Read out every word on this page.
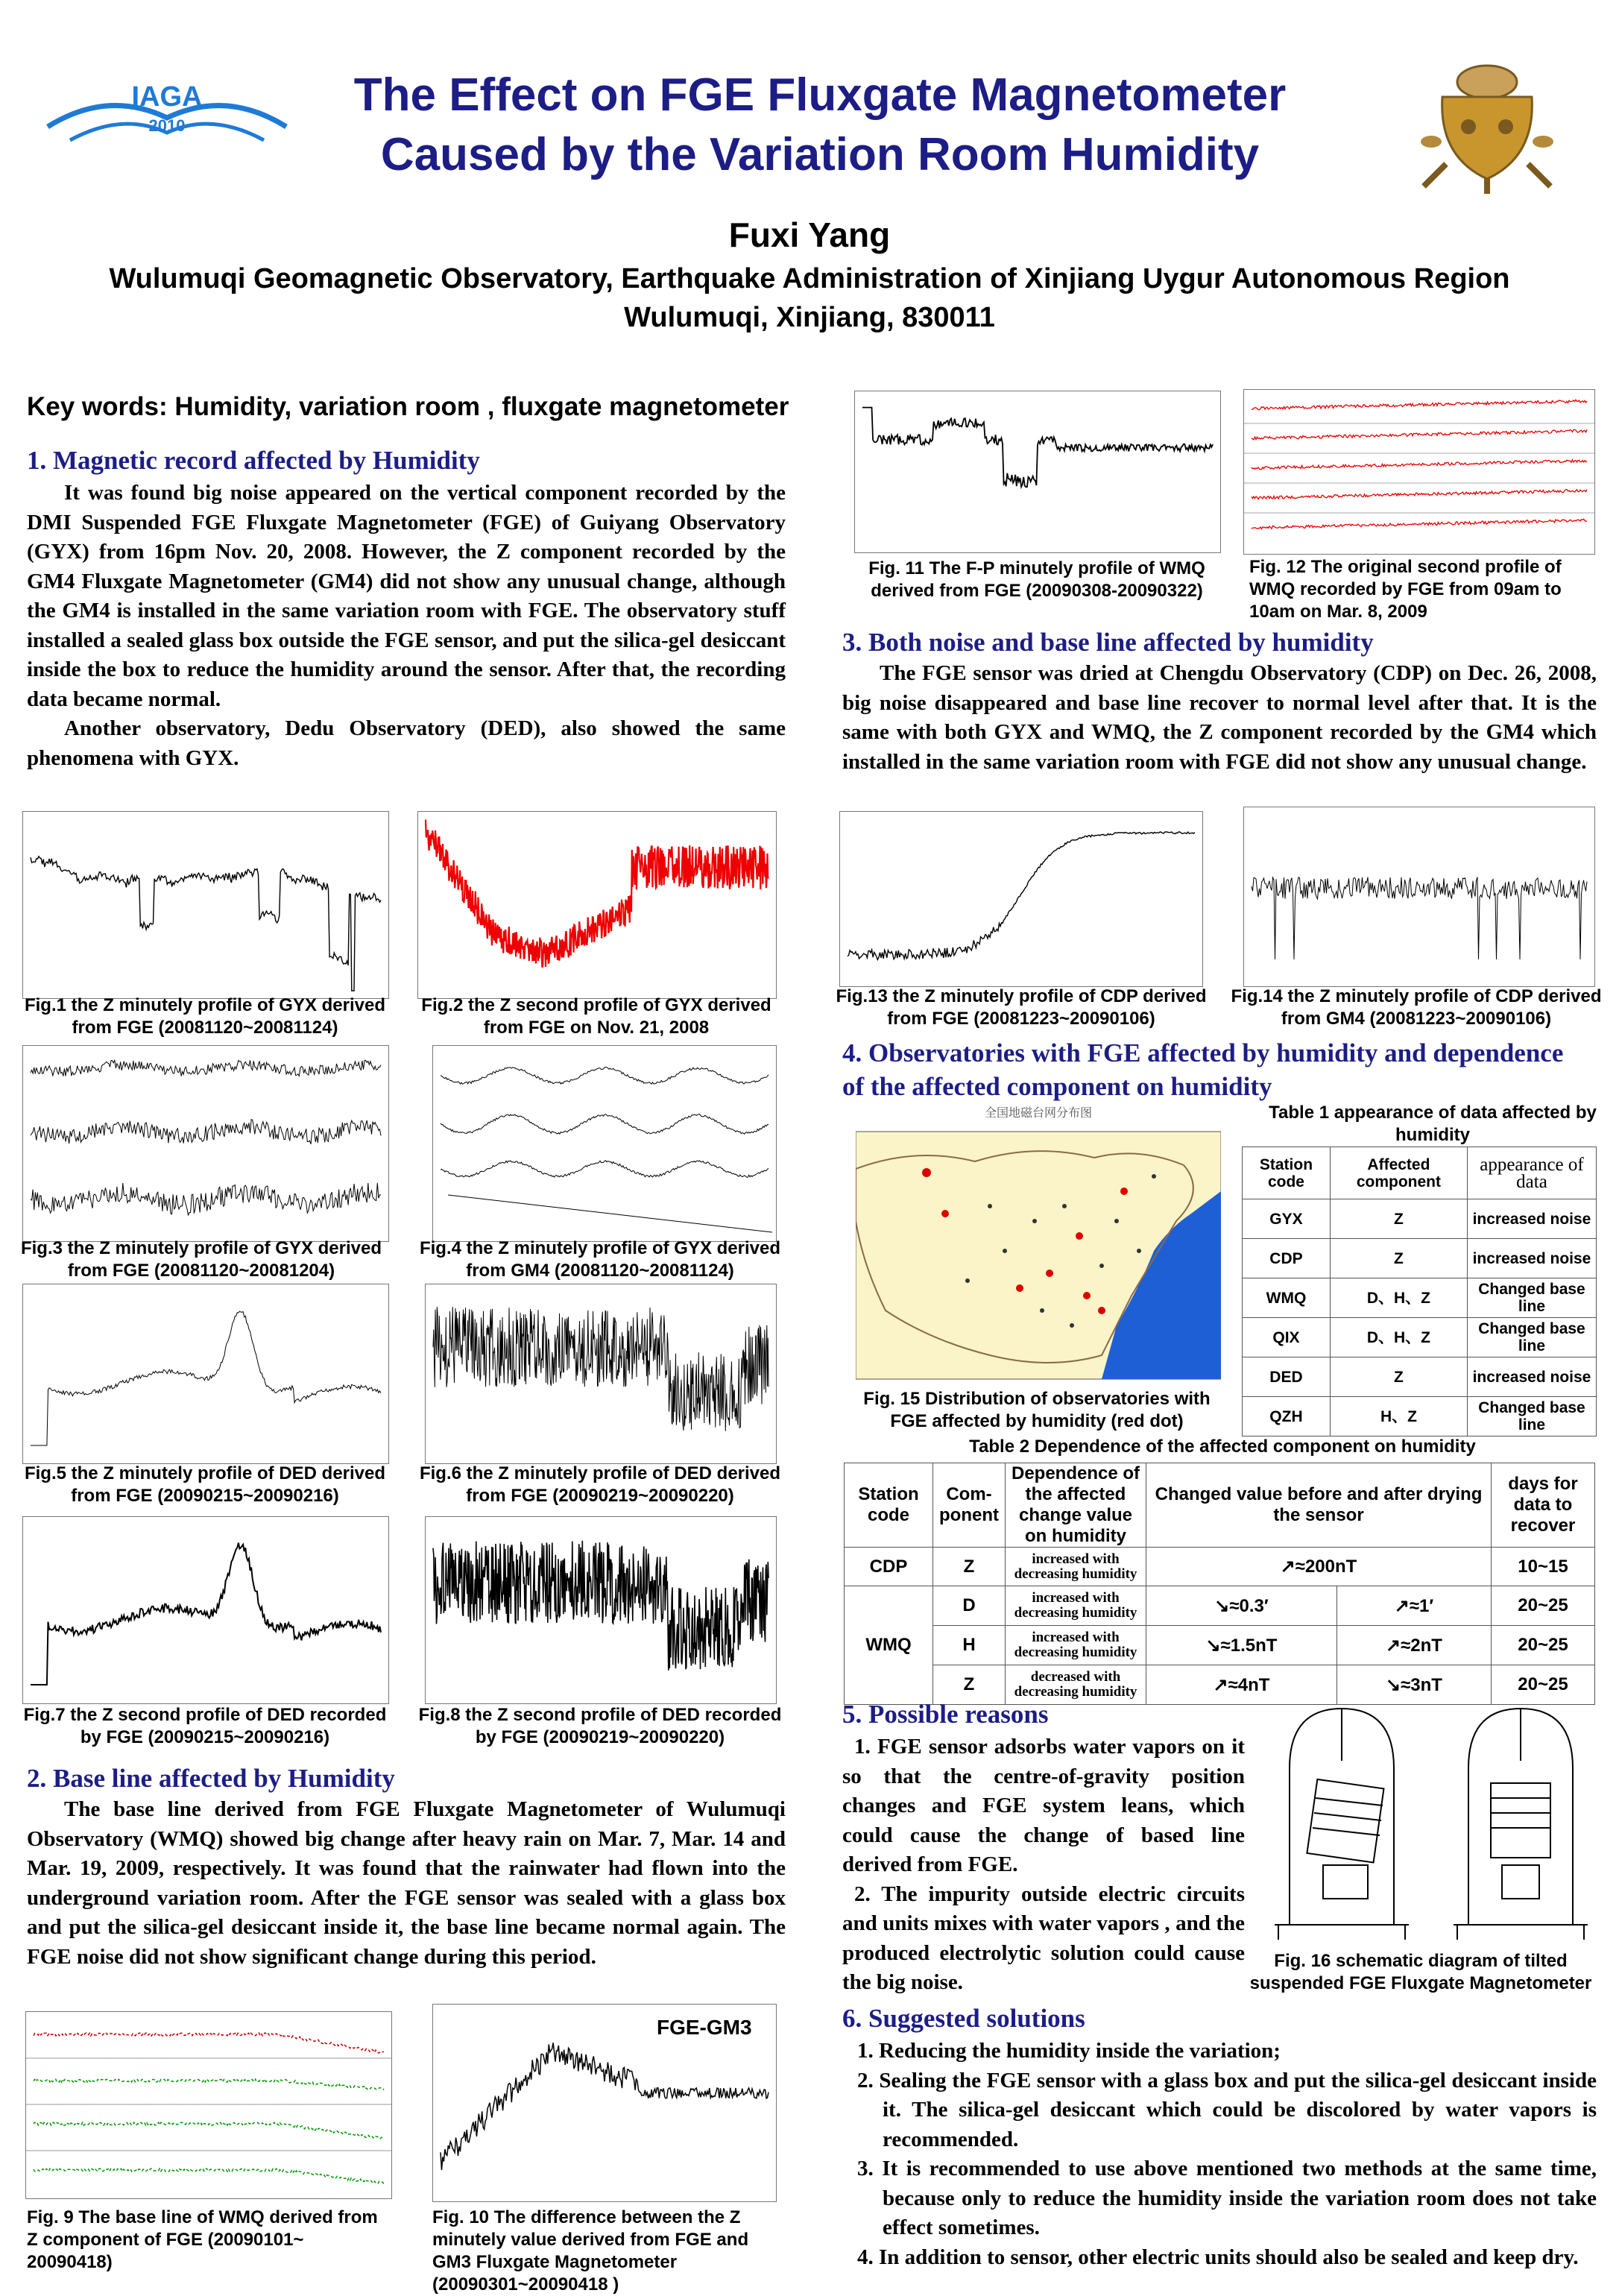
IAGA
2010
The Effect on FGE Fluxgate Magnetometer
Caused by the Variation Room Humidity
Fuxi Yang
Wulumuqi Geomagnetic Observatory, Earthquake Administration of Xinjiang Uygur Autonomous Region
Wulumuqi, Xinjiang, 830011
Key words: Humidity, variation room , fluxgate magnetometer
1. Magnetic record affected by Humidity

It was found big noise appeared on the vertical component recorded by the DMI Suspended FGE Fluxgate Magnetometer (FGE) of Guiyang Observatory (GYX) from 16pm Nov. 20, 2008. However, the Z component recorded by the GM4 Fluxgate Magnetometer (GM4) did not show any unusual change, although the GM4 is installed in the same variation room with FGE. The observatory stuff installed a sealed glass box outside the FGE sensor, and put the silica-gel desiccant inside the box to reduce the humidity around the sensor. After that, the recording data became normal.

Another observatory, Dedu Observatory (DED), also showed the same phenomena with GYX.

Fig.1 the Z minutely profile of GYX derived from FGE (20081120~20081124)
Fig.2 the Z second profile of GYX derived from FGE on Nov. 21, 2008
Fig.3 the Z minutely profile of GYX derived from FGE (20081120~20081204)
Fig.4 the Z minutely profile of GYX derived from GM4 (20081120~20081124)
Fig.5 the Z minutely profile of DED derived from FGE (20090215~20090216)
Fig.6 the Z minutely profile of DED derived from FGE (20090219~20090220)
Fig.7 the Z second profile of DED recorded by FGE (20090215~20090216)
Fig.8 the Z second profile of DED recorded by FGE (20090219~20090220)
2. Base line affected by Humidity

The base line derived from FGE Fluxgate Magnetometer of Wulumuqi Observatory (WMQ) showed big change after heavy rain on Mar. 7, Mar. 14 and Mar. 19, 2009, respectively. It was found that the rainwater had flown into the underground variation room. After the FGE sensor was sealed with a glass box and put the silica-gel desiccant inside it, the base line became normal again. The FGE noise did not show significant change during this period.

Fig. 9 The base line of WMQ derived from Z component of FGE (20090101~ 20090418)
FGE-GM3
Fig. 10 The difference between the Z minutely value derived from FGE and GM3 Fluxgate Magnetometer (20090301~20090418 )
Fig. 11 The F-P minutely profile of WMQ derived from FGE (20090308-20090322)
Fig. 12 The original second profile of WMQ recorded by FGE from 09am to 10am on Mar. 8, 2009
3. Both noise and base line affected by humidity

The FGE sensor was dried at Chengdu Observatory (CDP) on Dec. 26, 2008, big noise disappeared and base line recover to normal level after that. It is the same with both GYX and WMQ, the Z component recorded by the GM4 which installed in the same variation room with FGE did not show any unusual change.

Fig.13 the Z minutely profile of CDP derived from FGE (20081223~20090106)
Fig.14 the Z minutely profile of CDP derived from GM4 (20081223~20090106)
4. Observatories with FGE affected by humidity and dependence
of the affected component on humidity
全国地磁台网分布图
Fig. 15 Distribution of observatories with FGE affected by humidity (red dot)
Table 1 appearance of data affected by humidity
Station code	Affected component	appearance of data
GYX	Z	increased noise
CDP	Z	increased noise
WMQ	D、H、Z	Changed base line
QIX	D、H、Z	Changed base line
DED	Z	increased noise
QZH	H、Z	Changed base line
Table 2 Dependence of the affected component on humidity
Station code	Com-ponent	Dependence of the affected change value on humidity	Changed value before and after drying the sensor		days for data to recover
CDP	Z	increased with decreasing humidity	↗≈200nT		10~15
WMQ	D	increased with decreasing humidity	↘≈0.3′	↗≈1′	20~25
	H	increased with decreasing humidity	↘≈1.5nT	↗≈2nT	20~25
	Z	decreased with decreasing humidity	↗≈4nT	↘≈3nT	20~25
5. Possible reasons

1. FGE sensor adsorbs water vapors on it so that the centre-of-gravity position changes and FGE system leans, which could cause the change of based line derived from FGE.

2. The impurity outside electric circuits and units mixes with water vapors , and the produced electrolytic solution could cause the big noise.

Fig. 16 schematic diagram of tilted suspended FGE Fluxgate Magnetometer
6. Suggested solutions
1. Reducing the humidity inside the variation;
2. Sealing the FGE sensor with a glass box and put the silica-gel desiccant inside it. The silica-gel desiccant which could be discolored by water vapors is recommended.
3. It is recommended to use above mentioned two methods at the same time, because only to reduce the humidity inside the variation room does not take effect sometimes.
4. In addition to sensor, other electric units should also be sealed and keep dry.
